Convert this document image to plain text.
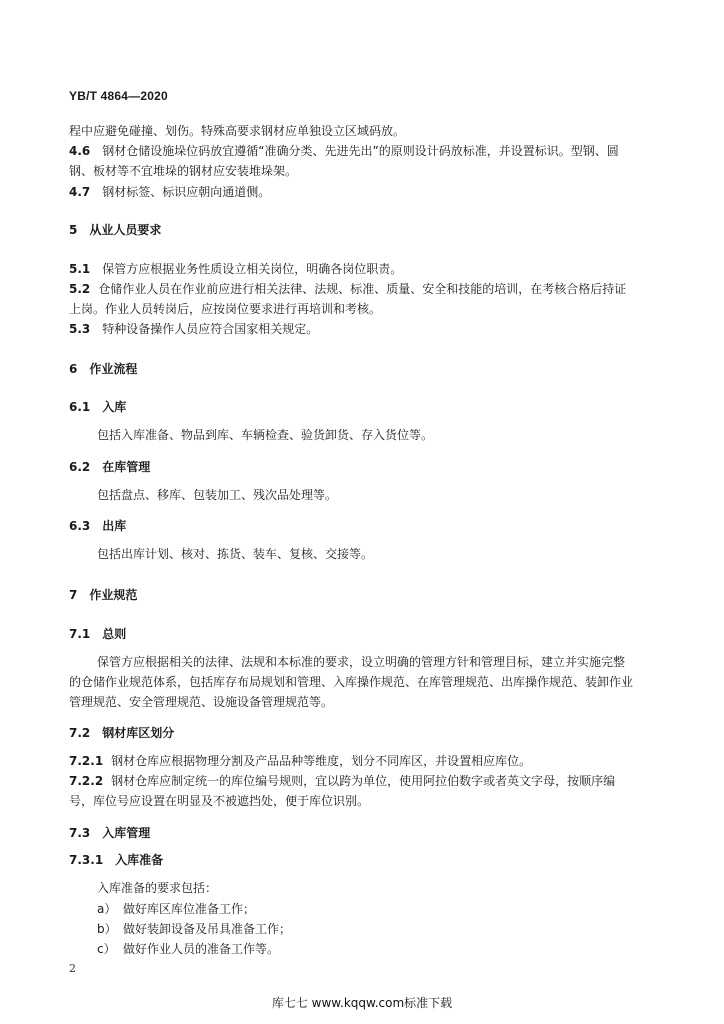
YB/T 4864—2020
程中应避免碰撞、划伤。特殊高要求钢材应单独设立区域码放。
4.6 钢材仓储设施垛位码放宜遵循“准确分类、先进先出”的原则设计码放标准，并设置标识。型钢、圆
钢、板材等不宜堆垛的钢材应安装堆垛架。
4.7 钢材标签、标识应朝向通道侧。
5 从业人员要求
5.1 保管方应根据业务性质设立相关岗位，明确各岗位职责。
5.2 仓储作业人员在作业前应进行相关法律、法规、标准、质量、安全和技能的培训，在考核合格后持证
上岗。作业人员转岗后，应按岗位要求进行再培训和考核。
5.3 特种设备操作人员应符合国家相关规定。
6 作业流程
6.1 入库
包括入库准备、物品到库、车辆检查、验货卸货、存入货位等。
6.2 在库管理
包括盘点、移库、包装加工、残次品处理等。
6.3 出库
包括出库计划、核对、拣货、装车、复核、交接等。
7 作业规范
7.1 总则
保管方应根据相关的法律、法规和本标准的要求，设立明确的管理方针和管理目标，建立并实施完整
的仓储作业规范体系，包括库存布局规划和管理、入库操作规范、在库管理规范、出库操作规范、装卸作业
管理规范、安全管理规范、设施设备管理规范等。
7.2 钢材库区划分
7.2.1 钢材仓库应根据物理分割及产品品种等维度，划分不同库区，并设置相应库位。
7.2.2 钢材仓库应制定统一的库位编号规则，宜以跨为单位，使用阿拉伯数字或者英文字母，按顺序编
号，库位号应设置在明显及不被遮挡处，便于库位识别。
7.3 入库管理
7.3.1 入库准备
入库准备的要求包括：
a） 做好库区库位准备工作；
b） 做好装卸设备及吊具准备工作；
c） 做好作业人员的准备工作等。
2
库七七 www.kqqw.com标准下载
